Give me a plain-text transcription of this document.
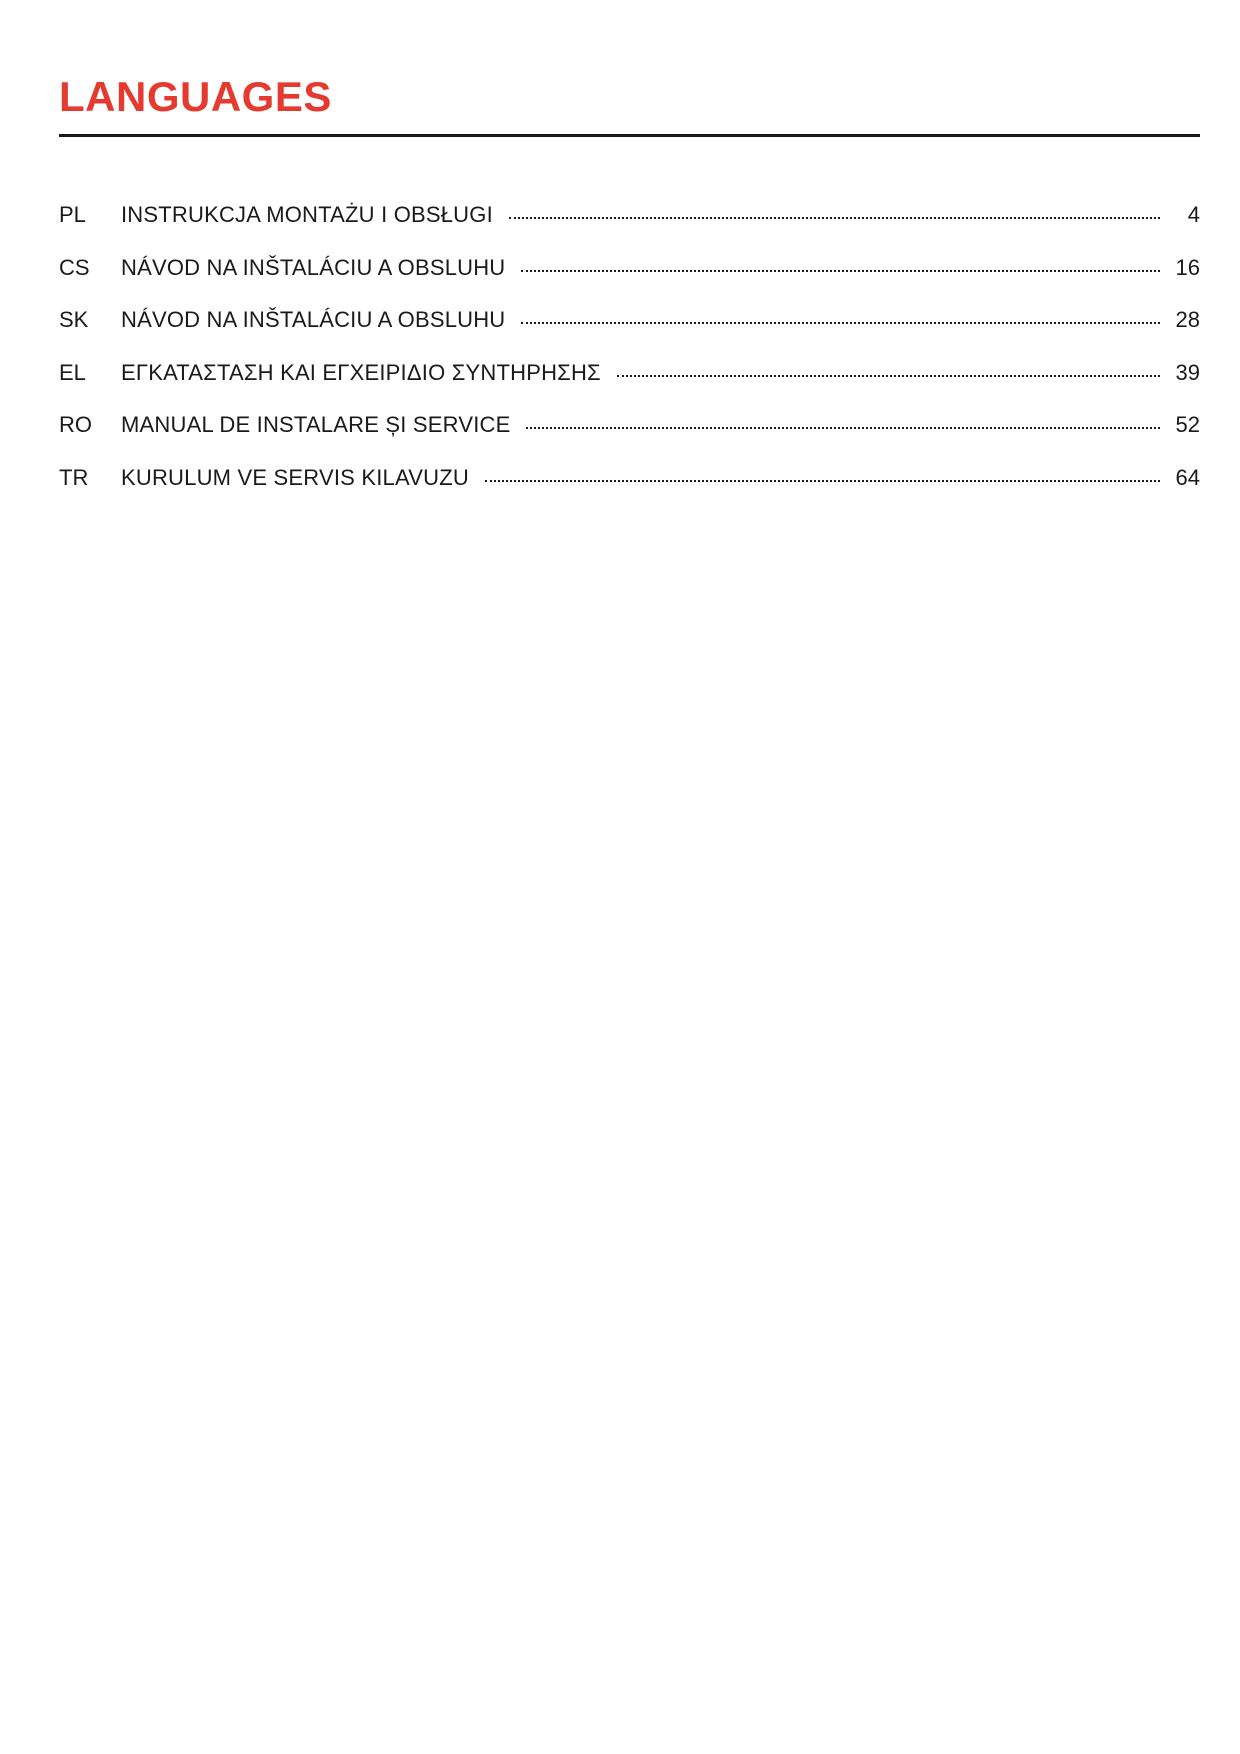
LANGUAGES
PL	INSTRUKCJA MONTAŻU I OBSŁUGI	4
CS	NÁVOD NA INŠTALÁCIU A OBSLUHU	16
SK	NÁVOD NA INŠTALÁCIU A OBSLUHU	28
EL	ΕΓΚΑΤΑΣΤΑΣΗ ΚΑΙ ΕΓΧΕΙΡΙΔΙΟ ΣΥΝΤΗΡΗΣΗΣ	39
RO	MANUAL DE INSTALARE ȘI SERVICE	52
TR	KURULUM VE SERVIS KILAVUZU	64
